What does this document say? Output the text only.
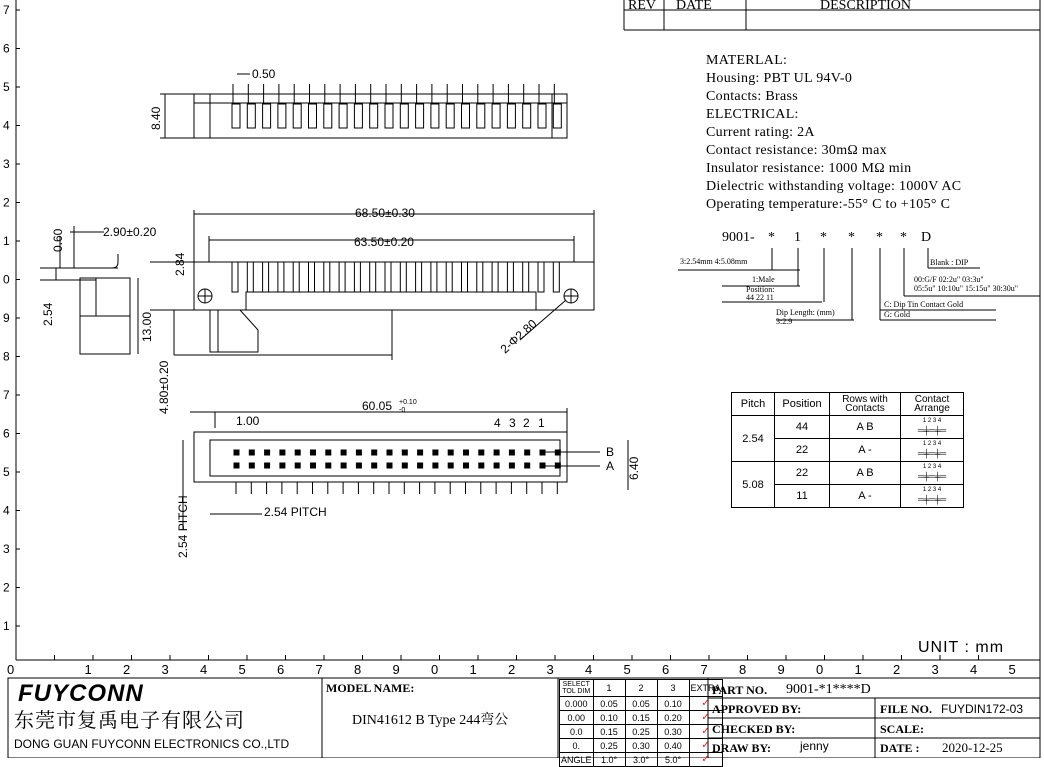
7
6
5
4
3
2
1
0
9
8
7
6
5
4
3
2
1
0	1 2 3 4 5 6 7 8 9 0 1 2 3 4 5 6 7 8 9 0 1 2 3 4 5
REV DATE	DESCRIPTION
0.50
8.40
68.50±0.30
63.50±0.20
2.84
4.80±0.20
2-Φ2.80
0.60	2.90±0.20
2.54	13.00
60.05 +0.10
-0
1.00	4 3 2 1
B
A 6.40
2.54 PITCH
2.54 PITCH
MATERLAL:
Housing: PBT UL 94V-0
Contacts: Brass
ELECTRICAL:
Current rating: 2A
Contact resistance: 30mΩ max
Insulator resistance: 1000 MΩ min
Dielectric withstanding voltage: 1000V AC
Operating temperature:-55° C to +105° C
9001- * 1 * * * * D
3:2.54mm 4:5.08mm
1:Male
Position:
44 22 11
Blank : DIP
00:G/F 02:2u" 03:3u"
05:5u" 10:10u" 15:15u" 30:30u"
Dip Length: (mm)
3:2.9
C: Dip Tin Contact Gold
G: Gold
Pitch	Position	Rows with Contacts	Contact Arrange
2.54	44	A B	1 2 3 4
═╪═╪═
	22	A -	1 2 3 4
═╪═╪═
5.08	22	A B	1 2 3 4
═╪═╪═
	11	A -	1 2 3 4
═╪═╪═
UNIT : mm
FUYCONN
东莞市复禹电子有限公司
DONG GUAN FUYCONN ELECTRONICS CO.,LTD
MODEL NAME:
DIN41612 B Type 244弯公
SELECT
TOL DIM	1	2	3	EXTRA
0.000	0.05	0.05	0.10	✓
0.00	0.10	0.15	0.20	✓
0.0	0.15	0.25	0.30	✓
0.	0.25	0.30	0.40	✓
ANGLE	1.0°	3.0°	5.0°	✓
PART NO. 9001-*1****D
APPROVED BY:	FILE NO. FUYDIN172-03
CHECKED BY:	SCALE:
DRAW BY: jenny	DATE : 2020-12-25
